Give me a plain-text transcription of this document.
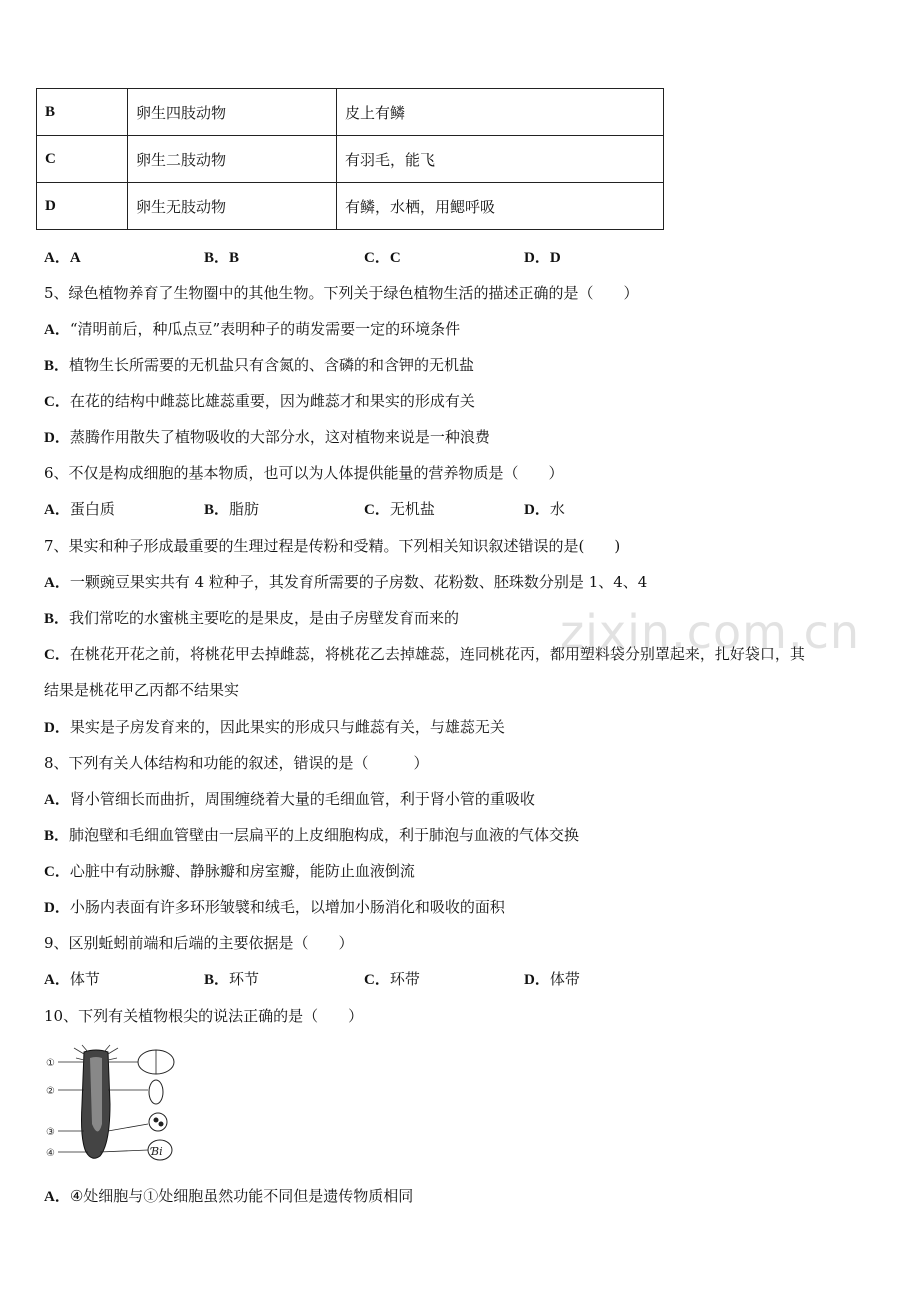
zixin.com.cn
B	卵生四肢动物	皮上有鳞
C	卵生二肢动物	有羽毛，能飞
D	卵生无肢动物	有鳞，水栖，用鳃呼吸
A．A	B．B	C．C	D．D
5、绿色植物养育了生物圈中的其他生物。下列关于绿色植物生活的描述正确的是（　　）
A．“清明前后，种瓜点豆”表明种子的萌发需要一定的环境条件
B．植物生长所需要的无机盐只有含氮的、含磷的和含钾的无机盐
C．在花的结构中雌蕊比雄蕊重要，因为雌蕊才和果实的形成有关
D．蒸腾作用散失了植物吸收的大部分水，这对植物来说是一种浪费
6、不仅是构成细胞的基本物质，也可以为人体提供能量的营养物质是（　　）
A．蛋白质	B．脂肪	C．无机盐	D．水
7、果实和种子形成最重要的生理过程是传粉和受精。下列相关知识叙述错误的是(　　)
A．一颗豌豆果实共有 4 粒种子，其发育所需要的子房数、花粉数、胚珠数分别是 1、4、4
B．我们常吃的水蜜桃主要吃的是果皮，是由子房壁发育而来的
C．在桃花开花之前，将桃花甲去掉雌蕊，将桃花乙去掉雄蕊，连同桃花丙，都用塑料袋分别罩起来，扎好袋口，其
结果是桃花甲乙丙都不结果实
D．果实是子房发育来的，因此果实的形成只与雌蕊有关，与雄蕊无关
8、下列有关人体结构和功能的叙述，错误的是（　　　）
A．肾小管细长而曲折，周围缠绕着大量的毛细血管，利于肾小管的重吸收
B．肺泡壁和毛细血管壁由一层扁平的上皮细胞构成，利于肺泡与血液的气体交换
C．心脏中有动脉瓣、静脉瓣和房室瓣，能防止血液倒流
D．小肠内表面有许多环形皱襞和绒毛，以增加小肠消化和吸收的面积
9、区别蚯蚓前端和后端的主要依据是（　　）
A．体节	B．环节	C．环带	D．体带
10、下列有关植物根尖的说法正确的是（　　）
①
②
③
④	Ɓi
A．④处细胞与①处细胞虽然功能不同但是遗传物质相同
